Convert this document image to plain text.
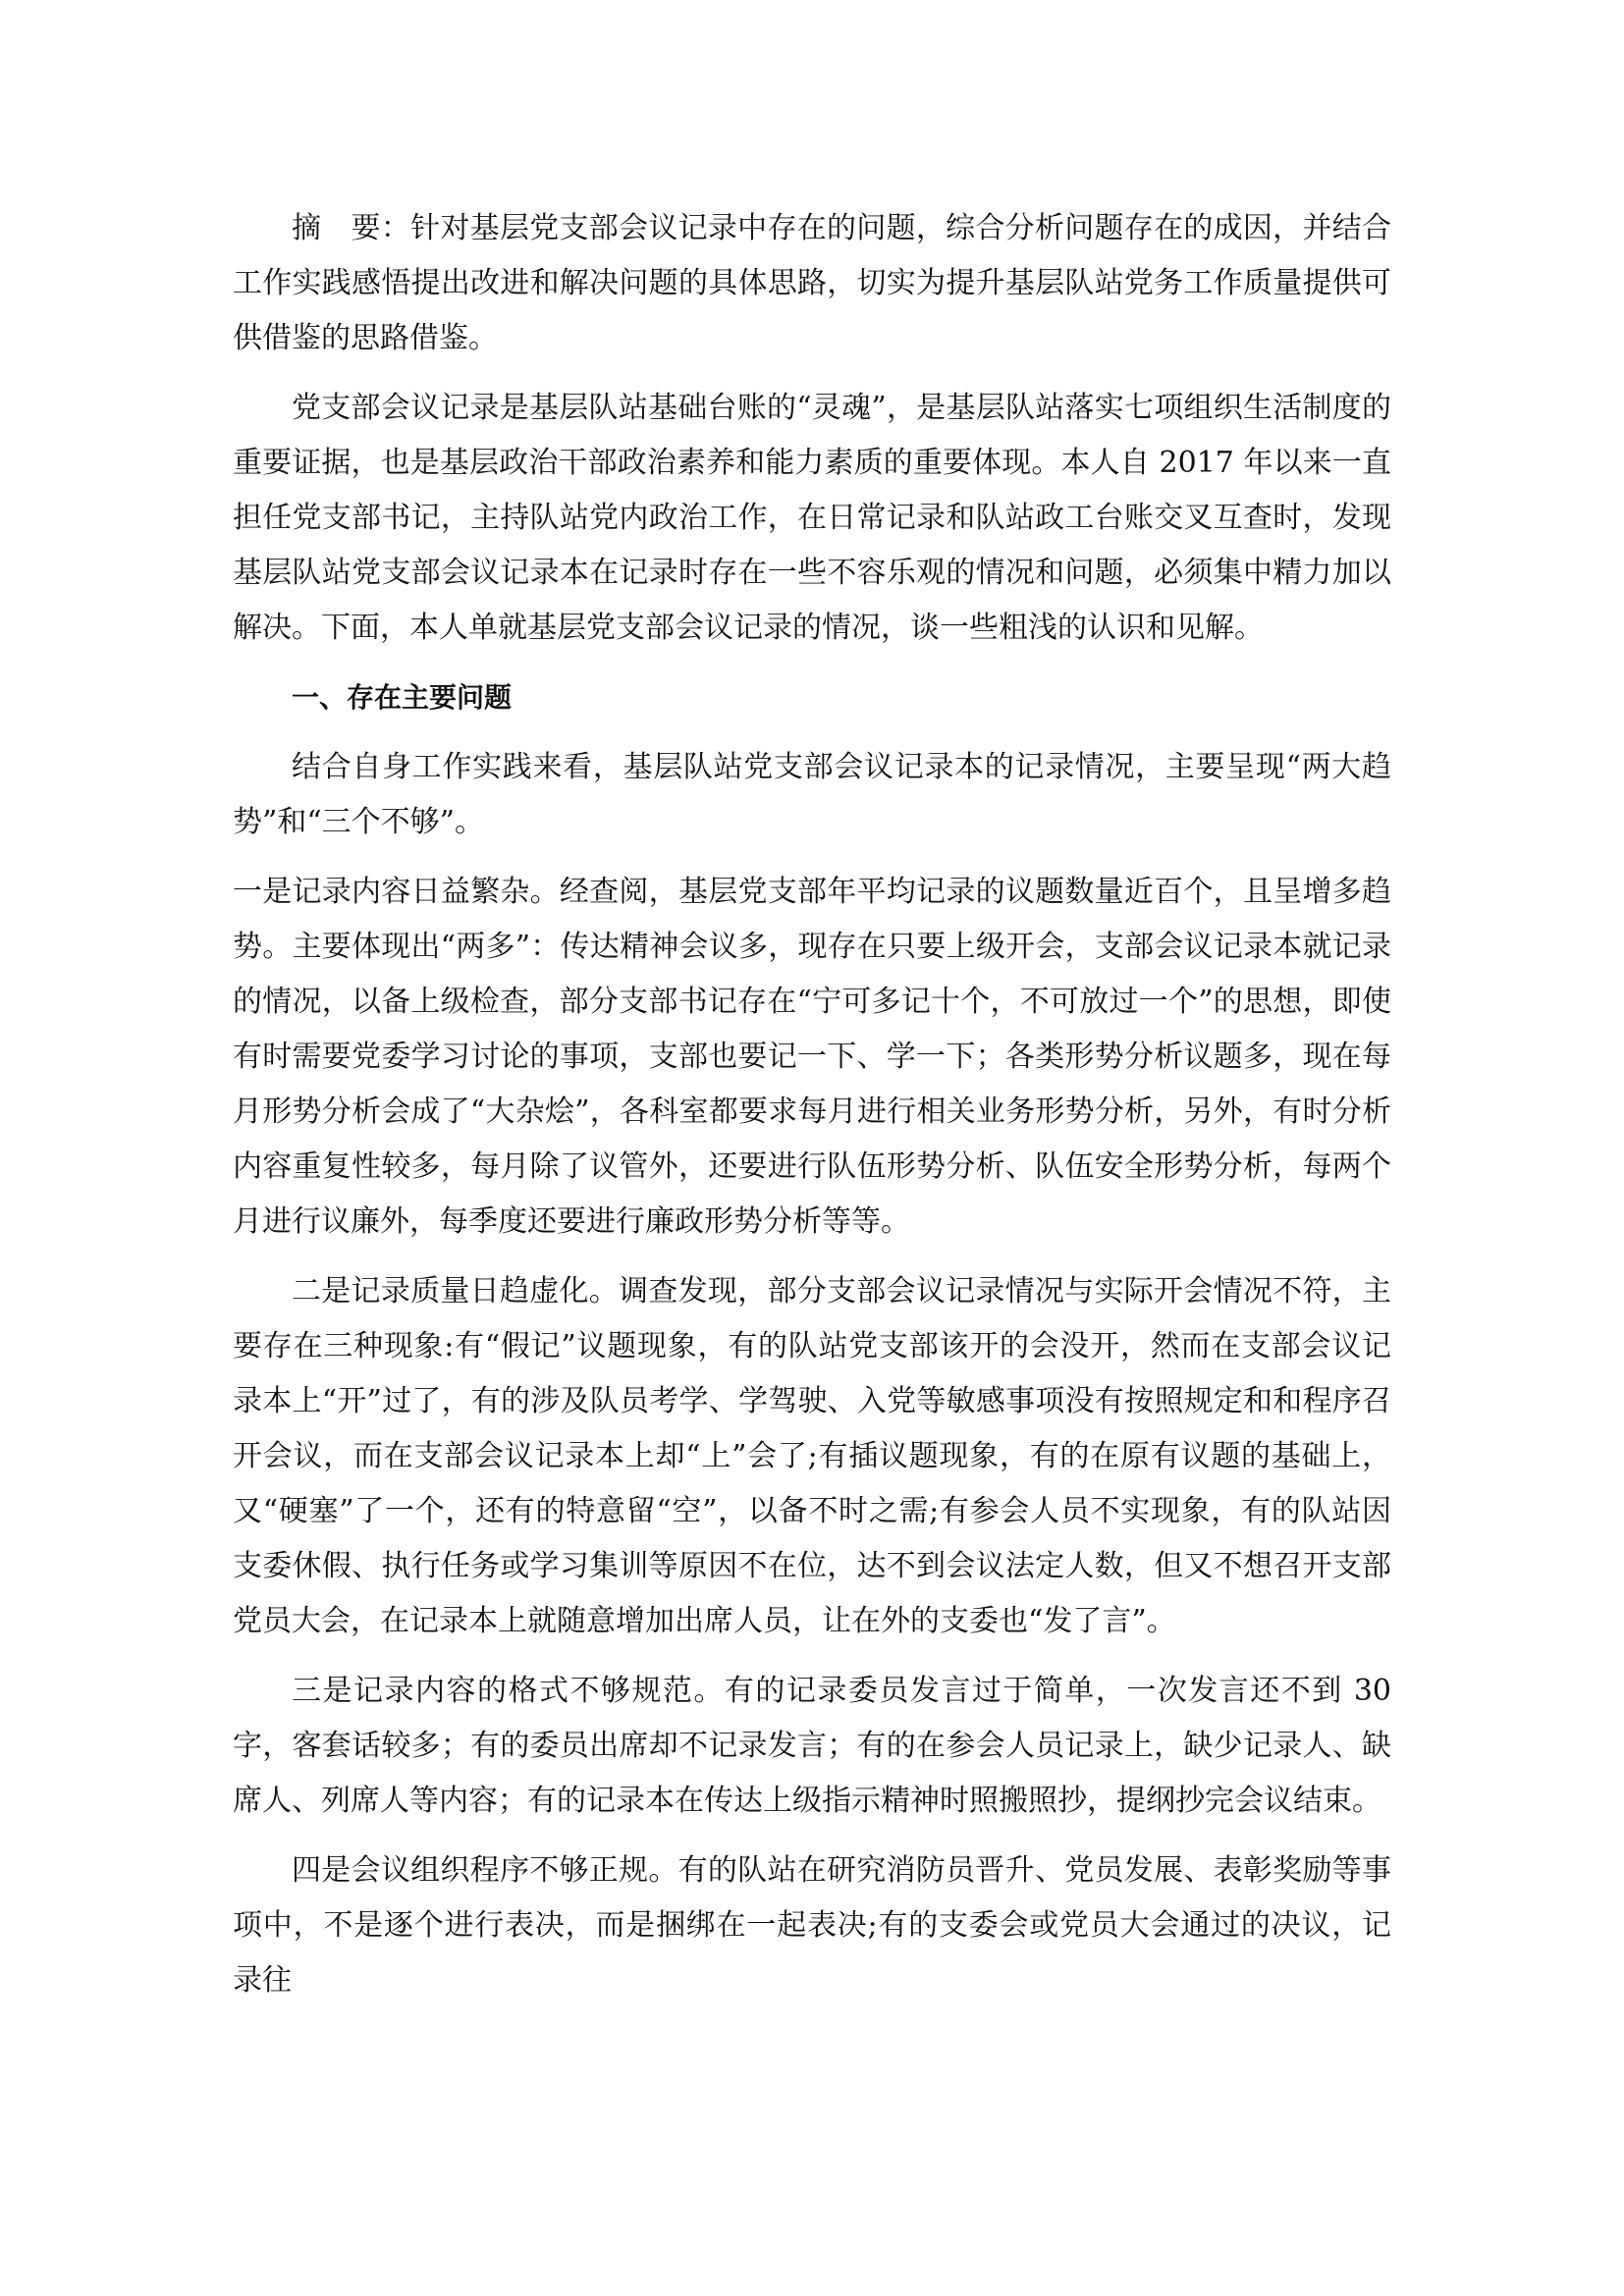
摘 要：针对基层党支部会议记录中存在的问题，综合分析问题存在的成因，并结合工作实践感悟提出改进和解决问题的具体思路，切实为提升基层队站党务工作质量提供可供借鉴的思路借鉴。

党支部会议记录是基层队站基础台账的“灵魂”，是基层队站落实七项组织生活制度的重要证据，也是基层政治干部政治素养和能力素质的重要体现。本人自 2017 年以来一直担任党支部书记，主持队站党内政治工作，在日常记录和队站政工台账交叉互查时，发现基层队站党支部会议记录本在记录时存在一些不容乐观的情况和问题，必须集中精力加以解决。下面，本人单就基层党支部会议记录的情况，谈一些粗浅的认识和见解。

一、存在主要问题

结合自身工作实践来看，基层队站党支部会议记录本的记录情况，主要呈现“两大趋势”和“三个不够”。

一是记录内容日益繁杂。经查阅，基层党支部年平均记录的议题数量近百个，且呈增多趋势。主要体现出“两多”：传达精神会议多，现存在只要上级开会，支部会议记录本就记录的情况，以备上级检查，部分支部书记存在“宁可多记十个，不可放过一个”的思想，即使有时需要党委学习讨论的事项，支部也要记一下、学一下；各类形势分析议题多，现在每月形势分析会成了“大杂烩”，各科室都要求每月进行相关业务形势分析，另外，有时分析内容重复性较多，每月除了议管外，还要进行队伍形势分析、队伍安全形势分析，每两个月进行议廉外，每季度还要进行廉政形势分析等等。

二是记录质量日趋虚化。调查发现，部分支部会议记录情况与实际开会情况不符，主要存在三种现象:有“假记”议题现象，有的队站党支部该开的会没开，然而在支部会议记录本上“开”过了，有的涉及队员考学、学驾驶、入党等敏感事项没有按照规定和和程序召开会议，而在支部会议记录本上却“上”会了;有插议题现象，有的在原有议题的基础上，又“硬塞”了一个，还有的特意留“空”，以备不时之需;有参会人员不实现象，有的队站因支委休假、执行任务或学习集训等原因不在位，达不到会议法定人数，但又不想召开支部党员大会，在记录本上就随意增加出席人员，让在外的支委也“发了言”。

三是记录内容的格式不够规范。有的记录委员发言过于简单，一次发言还不到 30 字，客套话较多；有的委员出席却不记录发言；有的在参会人员记录上，缺少记录人、缺席人、列席人等内容；有的记录本在传达上级指示精神时照搬照抄，提纲抄完会议结束。

四是会议组织程序不够正规。有的队站在研究消防员晋升、党员发展、表彰奖励等事项中，不是逐个进行表决，而是捆绑在一起表决;有的支委会或党员大会通过的决议，记录往
